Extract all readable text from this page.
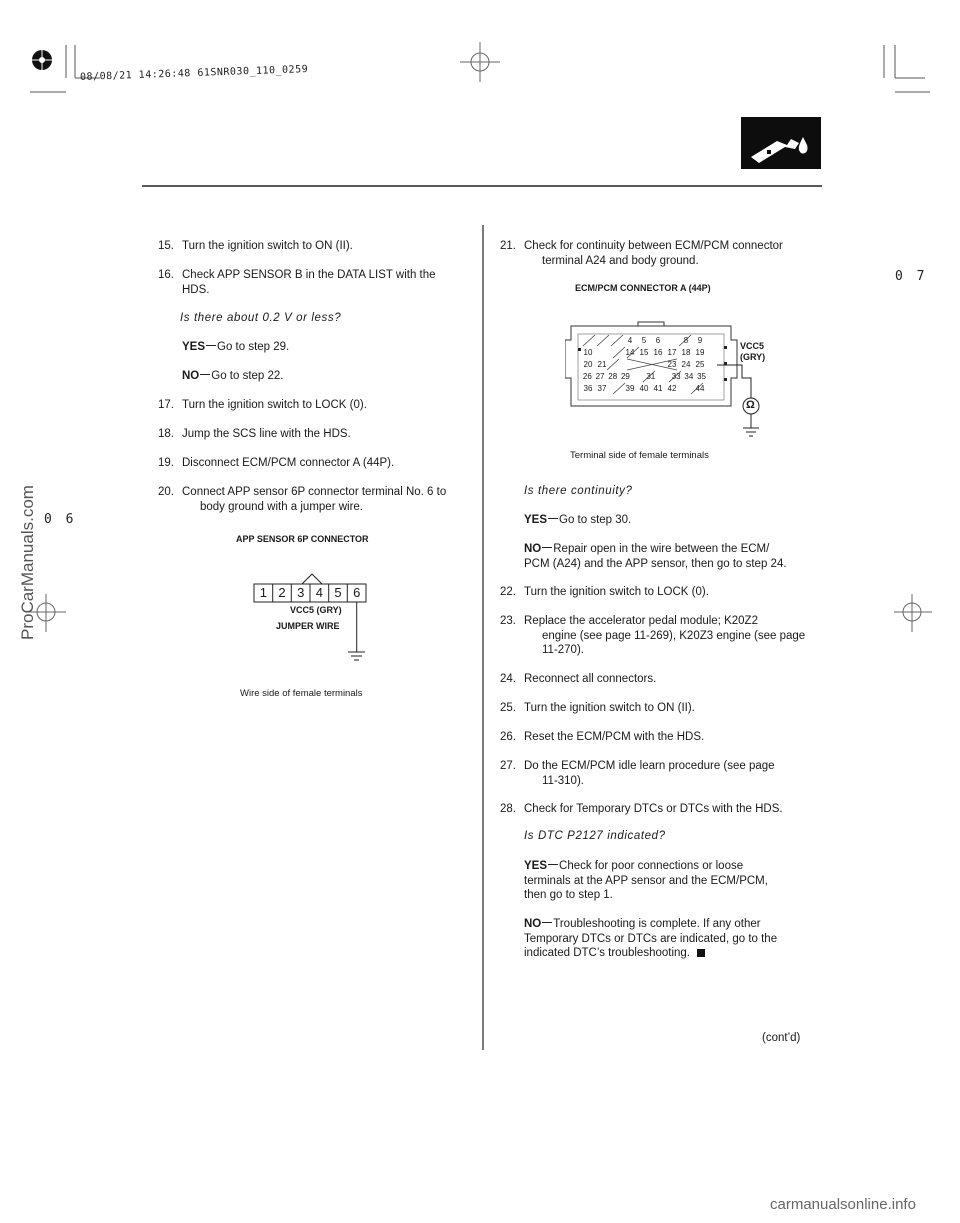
08/08/21 14:26:48 61SNR030_110_0259
0 7
0 6
ProCarManuals.com
15. Turn the ignition switch to ON (II).
16. Check APP SENSOR B in the DATA LIST with the
HDS.
Is there about 0.2 V or less?
YES Go to step 29.
NO Go to step 22.
17. Turn the ignition switch to LOCK (0).
18. Jump the SCS line with the HDS.
19. Disconnect ECM/PCM connector A (44P).
20. Connect APP sensor 6P connector terminal No. 6 to
body ground with a jumper wire.
APP SENSOR 6P CONNECTOR
1 2 3 4 5 6
VCC5 (GRY)
JUMPER WIRE
Wire side of female terminals
21. Check for continuity between ECM/PCM connector
terminal A24 and body ground.
ECM/PCM CONNECTOR A (44P)
4	5	6	8	9
10	14 15 16 17 18 19
20 21	23 24 25
26 27 28 29 31 33 34 35
36 37	39 40 41 42	44
VCC5
(GRY)
Ω
Terminal side of female terminals
Is there continuity?
YES Go to step 30.
NO Repair open in the wire between the ECM/
PCM (A24) and the APP sensor, then go to step 24.
22. Turn the ignition switch to LOCK (0).
23. Replace the accelerator pedal module; K20Z2
engine (see page 11-269), K20Z3 engine (see page
11-270).
24. Reconnect all connectors.
25. Turn the ignition switch to ON (II).
26. Reset the ECM/PCM with the HDS.
27. Do the ECM/PCM idle learn procedure (see page
11-310).
28. Check for Temporary DTCs or DTCs with the HDS.
Is DTC P2127 indicated?
YES Check for poor connections or loose
terminals at the APP sensor and the ECM/PCM,
then go to step 1.
NO Troubleshooting is complete. If any other
Temporary DTCs or DTCs are indicated, go to the
indicated DTC’s troubleshooting.
(cont’d)
carmanualsonline.info
